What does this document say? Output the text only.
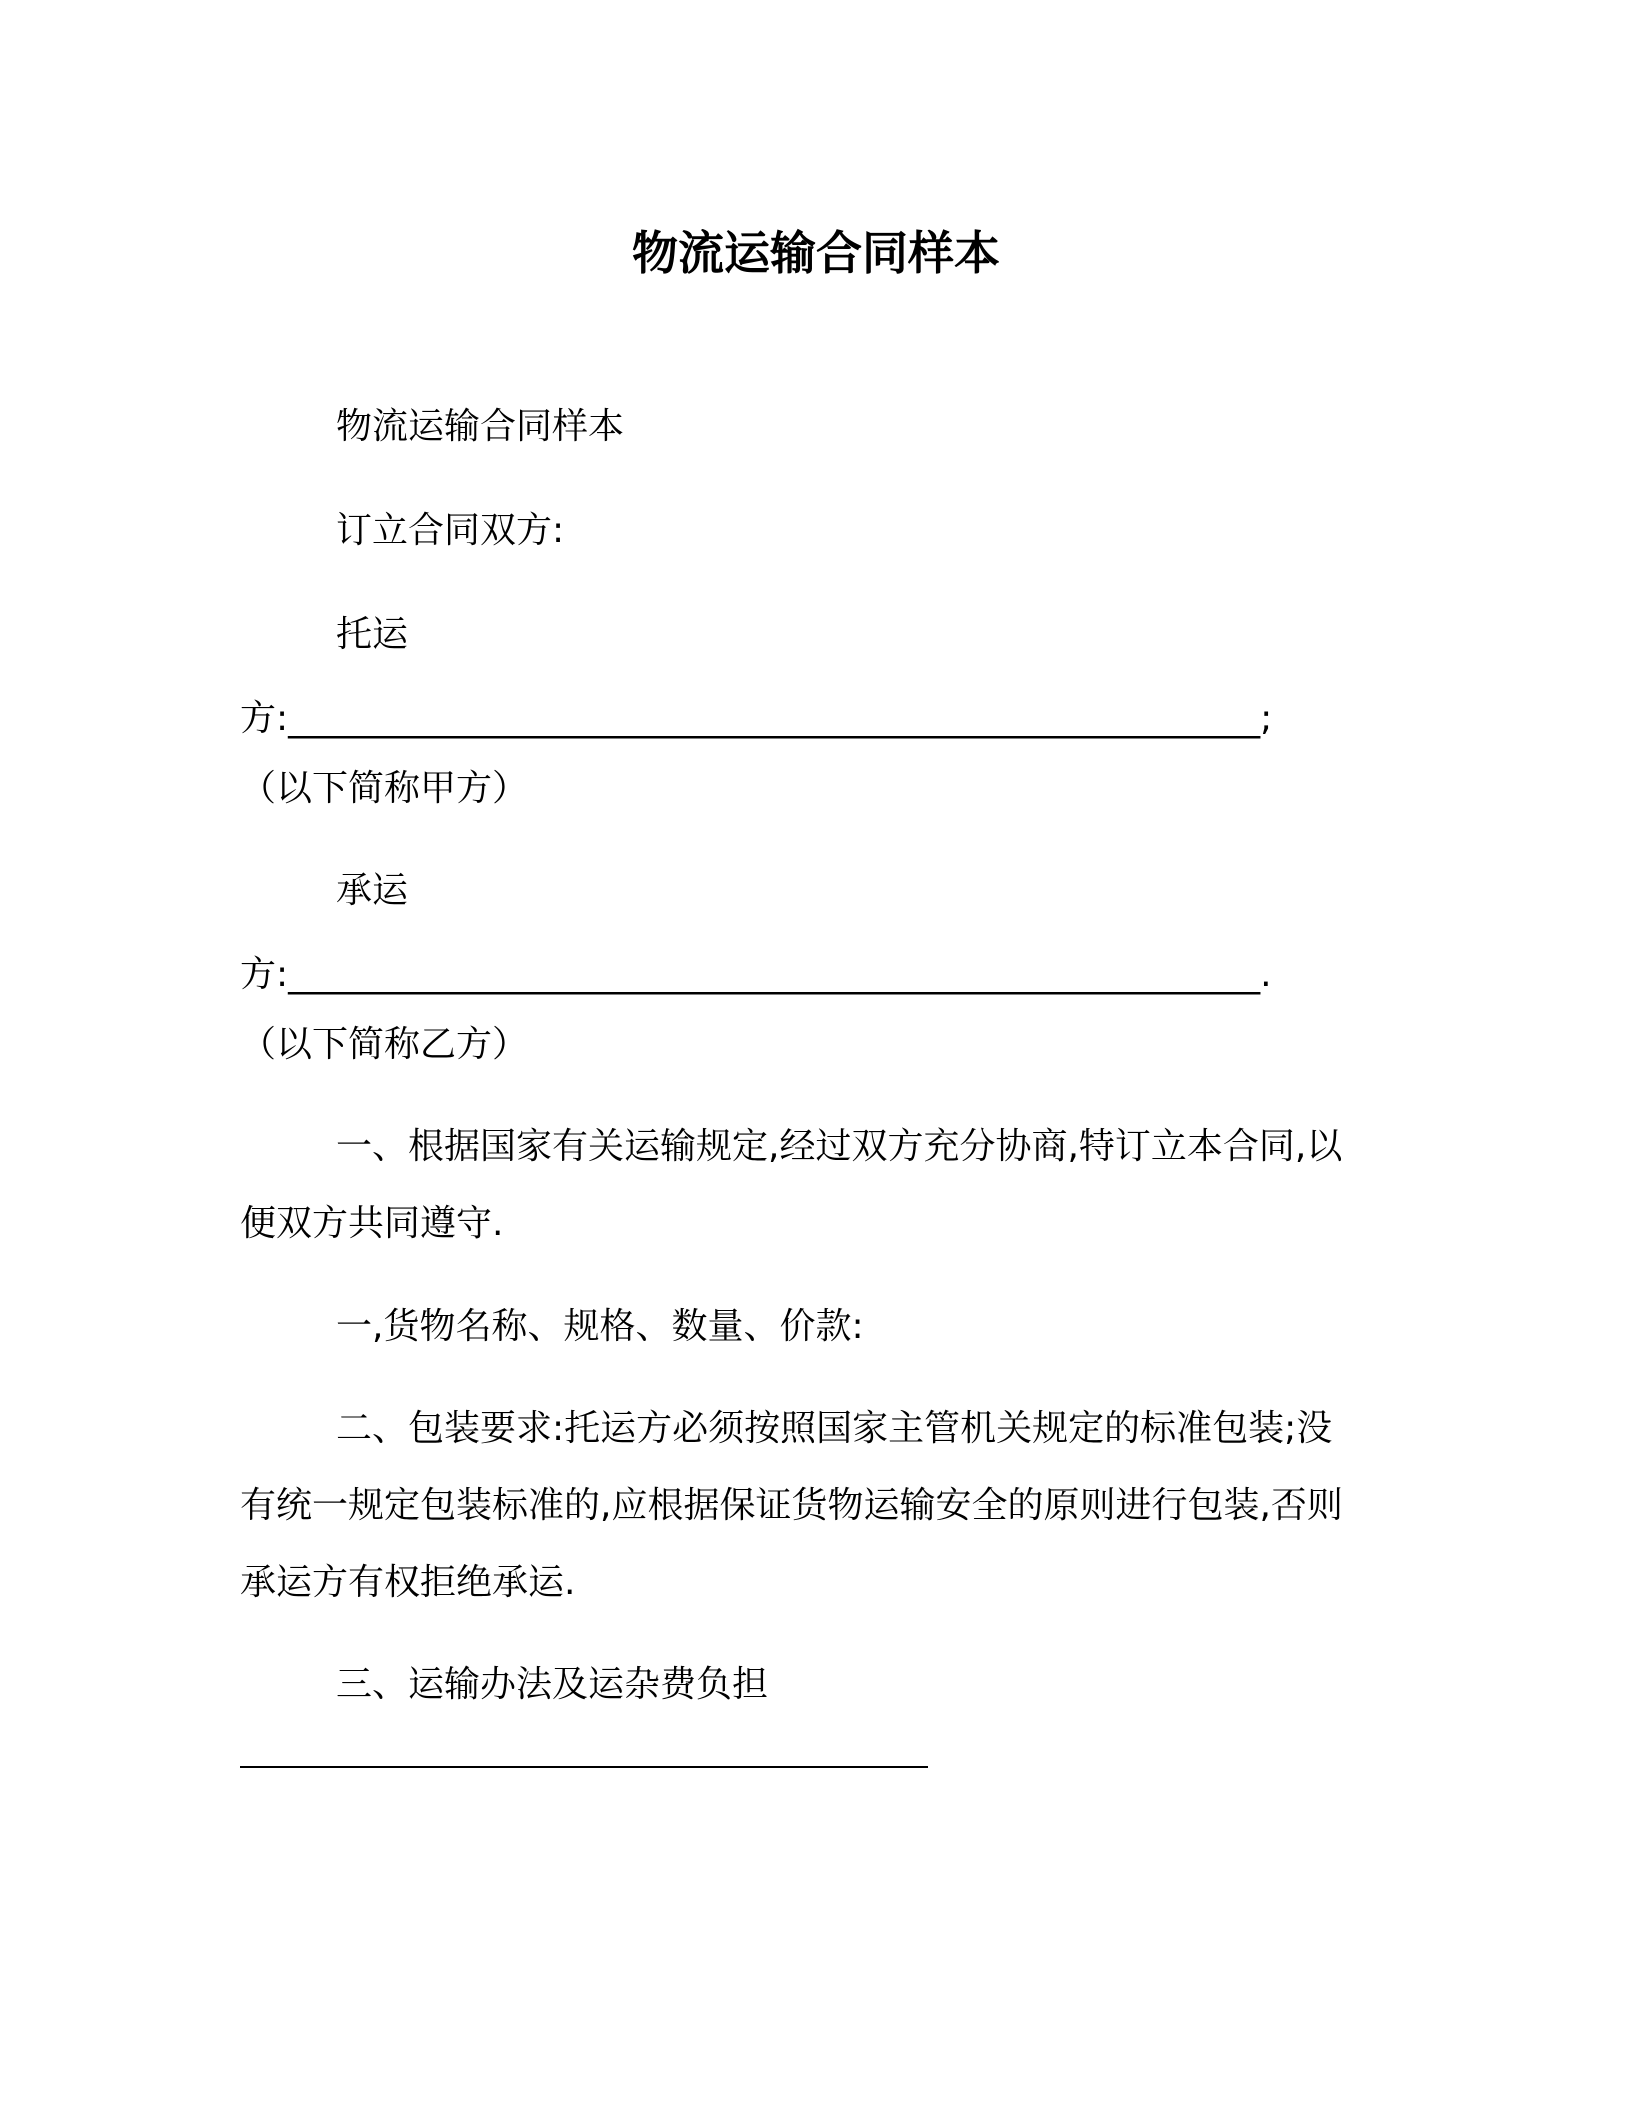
物流运输合同样本
物流运输合同样本
订立合同双方:
托运
方:______________________________________________________;
（以下简称甲方）
承运
方:______________________________________________________.
（以下简称乙方）
一、根据国家有关运输规定,经过双方充分协商,特订立本合同,以
便双方共同遵守.
一,货物名称、规格、数量、价款:
二、包装要求:托运方必须按照国家主管机关规定的标准包装;没
有统一规定包装标准的,应根据保证货物运输安全的原则进行包装,否则
承运方有权拒绝承运.
三、运输办法及运杂费负担
